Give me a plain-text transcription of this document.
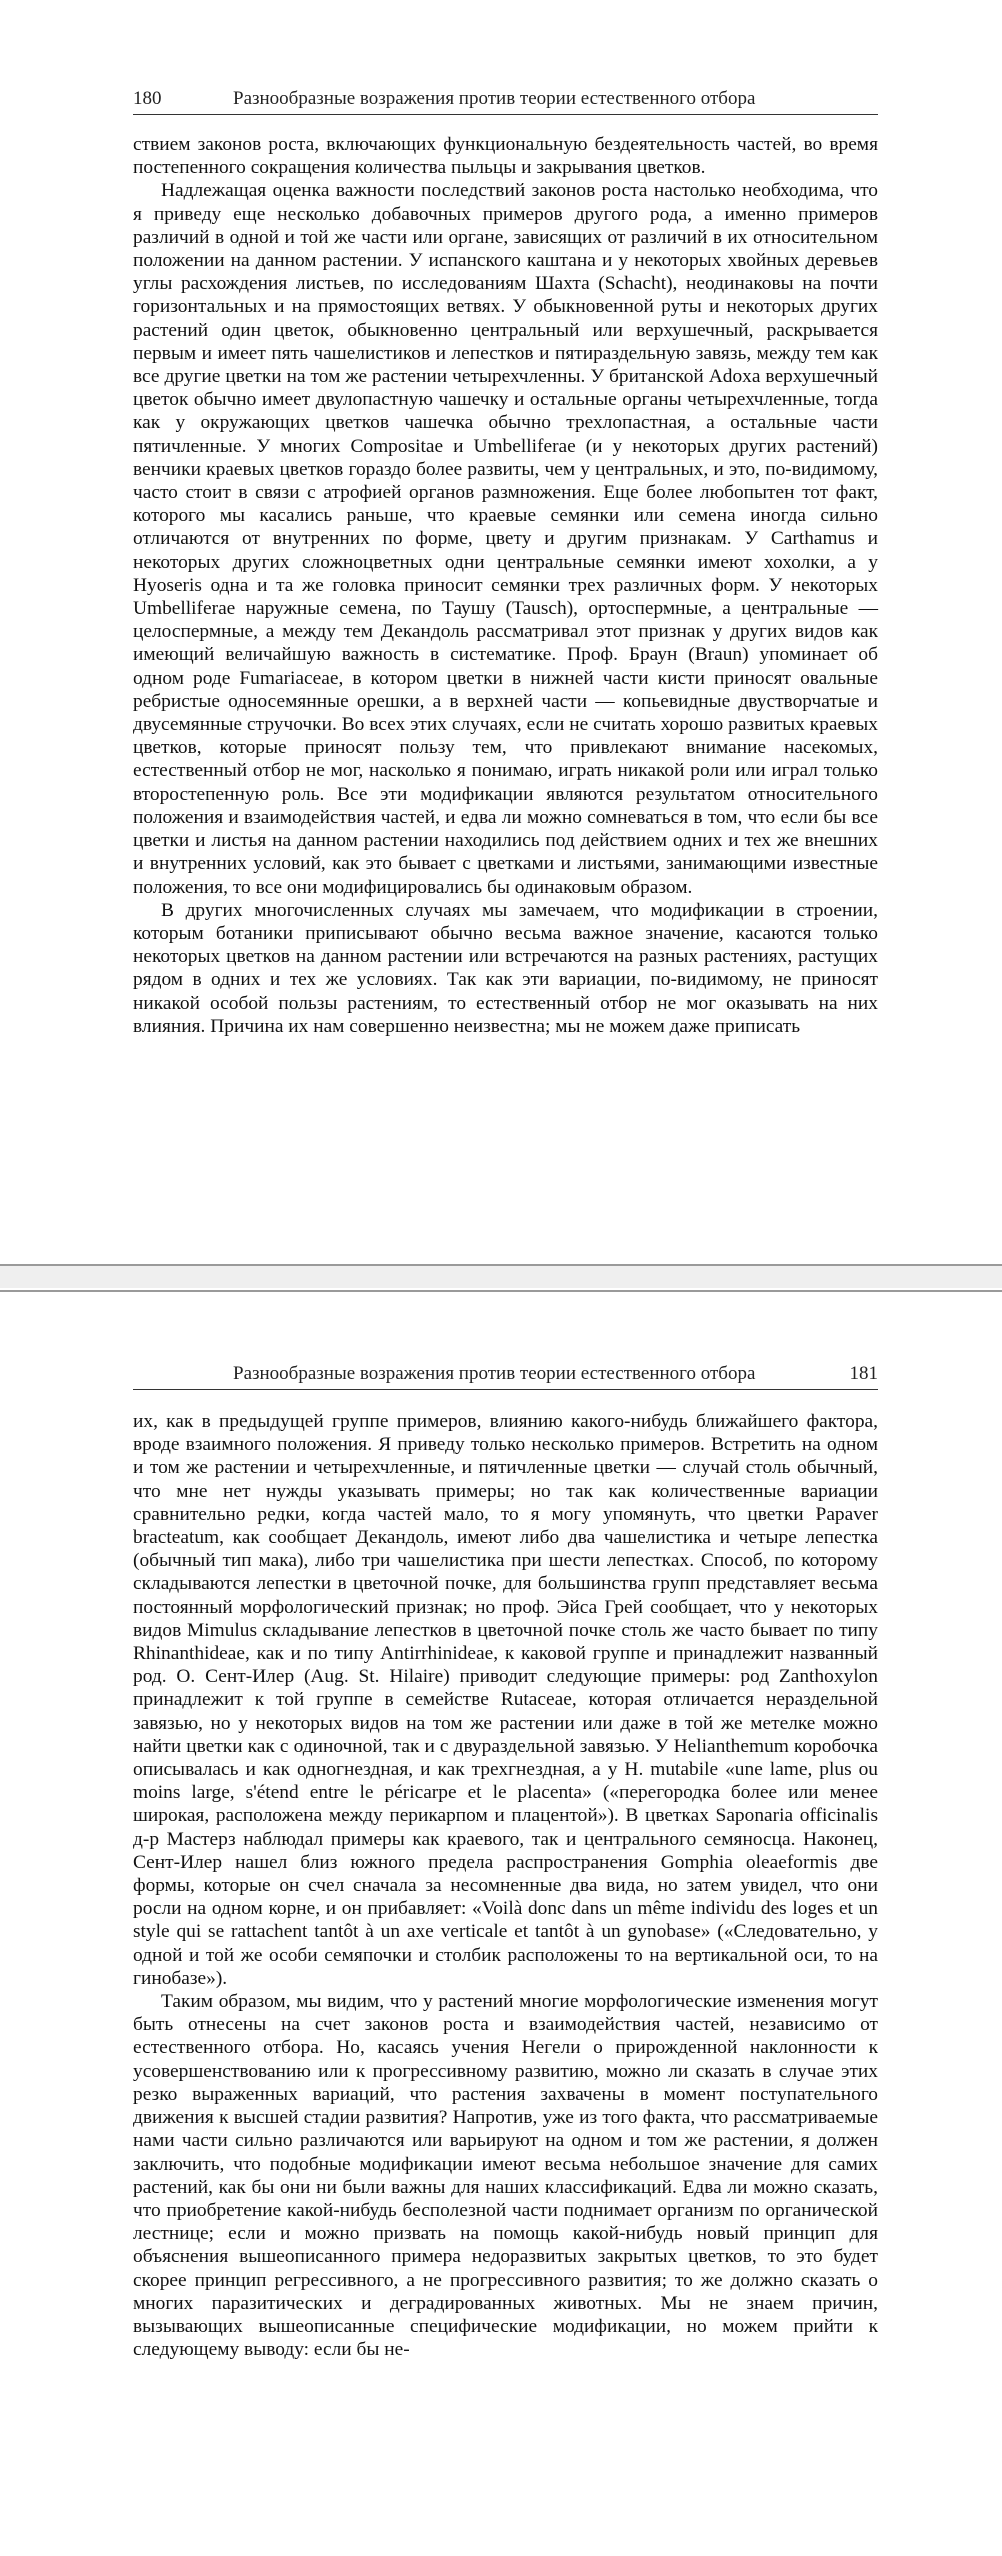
180	Разнообразные возражения против теории естественного отбора

ствием законов роста, включающих функциональную бездеятельность частей, во время постепенного сокращения количества пыльцы и закрывания цветков.

Надлежащая оценка важности последствий законов роста настолько необходима, что я приведу еще несколько добавочных примеров другого рода, а именно примеров различий в одной и той же части или органе, зависящих от различий в их относительном положении на данном растении. У испанского каштана и у некоторых хвойных деревьев углы расхождения листьев, по исследованиям Шахта (Schacht), неодинаковы на почти горизонтальных и на прямостоящих ветвях. У обыкновенной руты и некоторых других растений один цветок, обыкновенно центральный или верхушечный, раскрывается первым и имеет пять чашелистиков и лепестков и пятираздельную завязь, между тем как все другие цветки на том же растении четырехчленны. У британской Adoxa верхушечный цветок обычно имеет двулопастную чашечку и остальные органы четырехчленные, тогда как у окружающих цветков чашечка обычно трехлопастная, а остальные части пятичленные. У многих Compositae и Umbelliferae (и у некоторых других растений) венчики краевых цветков гораздо более развиты, чем у центральных, и это, по-видимому, часто стоит в связи с атрофией органов размножения. Еще более любопытен тот факт, которого мы касались раньше, что краевые семянки или семена иногда сильно отличаются от внутренних по форме, цвету и другим признакам. У Carthamus и некоторых других сложноцветных одни центральные семянки имеют хохолки, а у Hyoseris одна и та же головка приносит семянки трех различных форм. У некоторых Umbelliferae наружные семена, по Таушу (Tausch), ортоспермные, а центральные — целоспермные, а между тем Декандоль рассматривал этот признак у других видов как имеющий величайшую важность в систематике. Проф. Браун (Braun) упоминает об одном роде Fumariaceae, в котором цветки в нижней части кисти приносят овальные ребристые односемянные орешки, а в верхней части — копьевидные двустворчатые и двусемянные стручочки. Во всех этих случаях, если не считать хорошо развитых краевых цветков, которые приносят пользу тем, что привлекают внимание насекомых, естественный отбор не мог, насколько я понимаю, играть никакой роли или играл только второстепенную роль. Все эти модификации являются результатом относительного положения и взаимодействия частей, и едва ли можно сомневаться в том, что если бы все цветки и листья на данном растении находились под действием одних и тех же внешних и внутренних условий, как это бывает с цветками и листьями, занимающими известные положения, то все они модифицировались бы одинаковым образом.

В других многочисленных случаях мы замечаем, что модификации в строении, которым ботаники приписывают обычно весьма важное значение, касаются только некоторых цветков на данном растении или встречаются на разных растениях, растущих рядом в одних и тех же условиях. Так как эти вариации, по-видимому, не приносят никакой особой пользы растениям, то естественный отбор не мог оказывать на них влияния. Причина их нам совершенно неизвестна; мы не можем даже приписать

Разнообразные возражения против теории естественного отбора	181

их, как в предыдущей группе примеров, влиянию какого-нибудь ближайшего фактора, вроде взаимного положения. Я приведу только несколько примеров. Встретить на одном и том же растении и четырехчленные, и пятичленные цветки — случай столь обычный, что мне нет нужды указывать примеры; но так как количественные вариации сравнительно редки, когда частей мало, то я могу упомянуть, что цветки Papaver bracteatum, как сообщает Декандоль, имеют либо два чашелистика и четыре лепестка (обычный тип мака), либо три чашелистика при шести лепестках. Способ, по которому складываются лепестки в цветочной почке, для большинства групп представляет весьма постоянный морфологический признак; но проф. Эйса Грей сообщает, что у некоторых видов Mimulus складывание лепестков в цветочной почке столь же часто бывает по типу Rhinanthideae, как и по типу Antirrhinideae, к каковой группе и принадлежит названный род. О. Сент-Илер (Aug. St. Hilaire) приводит следующие примеры: род Zanthoxylon принадлежит к той группе в семействе Rutaceae, которая отличается нераздельной завязью, но у некоторых видов на том же растении или даже в той же метелке можно найти цветки как с одиночной, так и с двураздельной завязью. У Helianthemum коробочка описывалась и как одногнездная, и как трехгнездная, а у H. mutabile «une lame, plus ou moins large, s'étend entre le péricarpe et le placenta» («перегородка более или менее широкая, расположена между перикарпом и плацентой»). В цветках Saponaria officinalis д-р Мастерз наблюдал примеры как краевого, так и центрального семяносца. Наконец, Сент-Илер нашел близ южного предела распространения Gomphia oleaeformis две формы, которые он счел сначала за несомненные два вида, но затем увидел, что они росли на одном корне, и он прибавляет: «Voilà donc dans un même individu des loges et un style qui se rattachent tantôt à un axe verticale et tantôt à un gynobase» («Следовательно, у одной и той же особи семяпочки и столбик расположены то на вертикальной оси, то на гинобазе»).

Таким образом, мы видим, что у растений многие морфологические изменения могут быть отнесены на счет законов роста и взаимодействия частей, независимо от естественного отбора. Но, касаясь учения Негели о прирожденной наклонности к усовершенствованию или к прогрессивному развитию, можно ли сказать в случае этих резко выраженных вариаций, что растения захвачены в момент поступательного движения к высшей стадии развития? Напротив, уже из того факта, что рассматриваемые нами части сильно различаются или варьируют на одном и том же растении, я должен заключить, что подобные модификации имеют весьма небольшое значение для самих растений, как бы они ни были важны для наших классификаций. Едва ли можно сказать, что приобретение какой-нибудь бесполезной части поднимает организм по органической лестнице; если и можно призвать на помощь какой-нибудь новый принцип для объяснения вышеописанного примера недоразвитых закрытых цветков, то это будет скорее принцип регрессивного, а не прогрессивного развития; то же должно сказать о многих паразитических и деградированных животных. Мы не знаем причин, вызывающих вышеописанные специфические модификации, но можем прийти к следующему выводу: если бы не-
